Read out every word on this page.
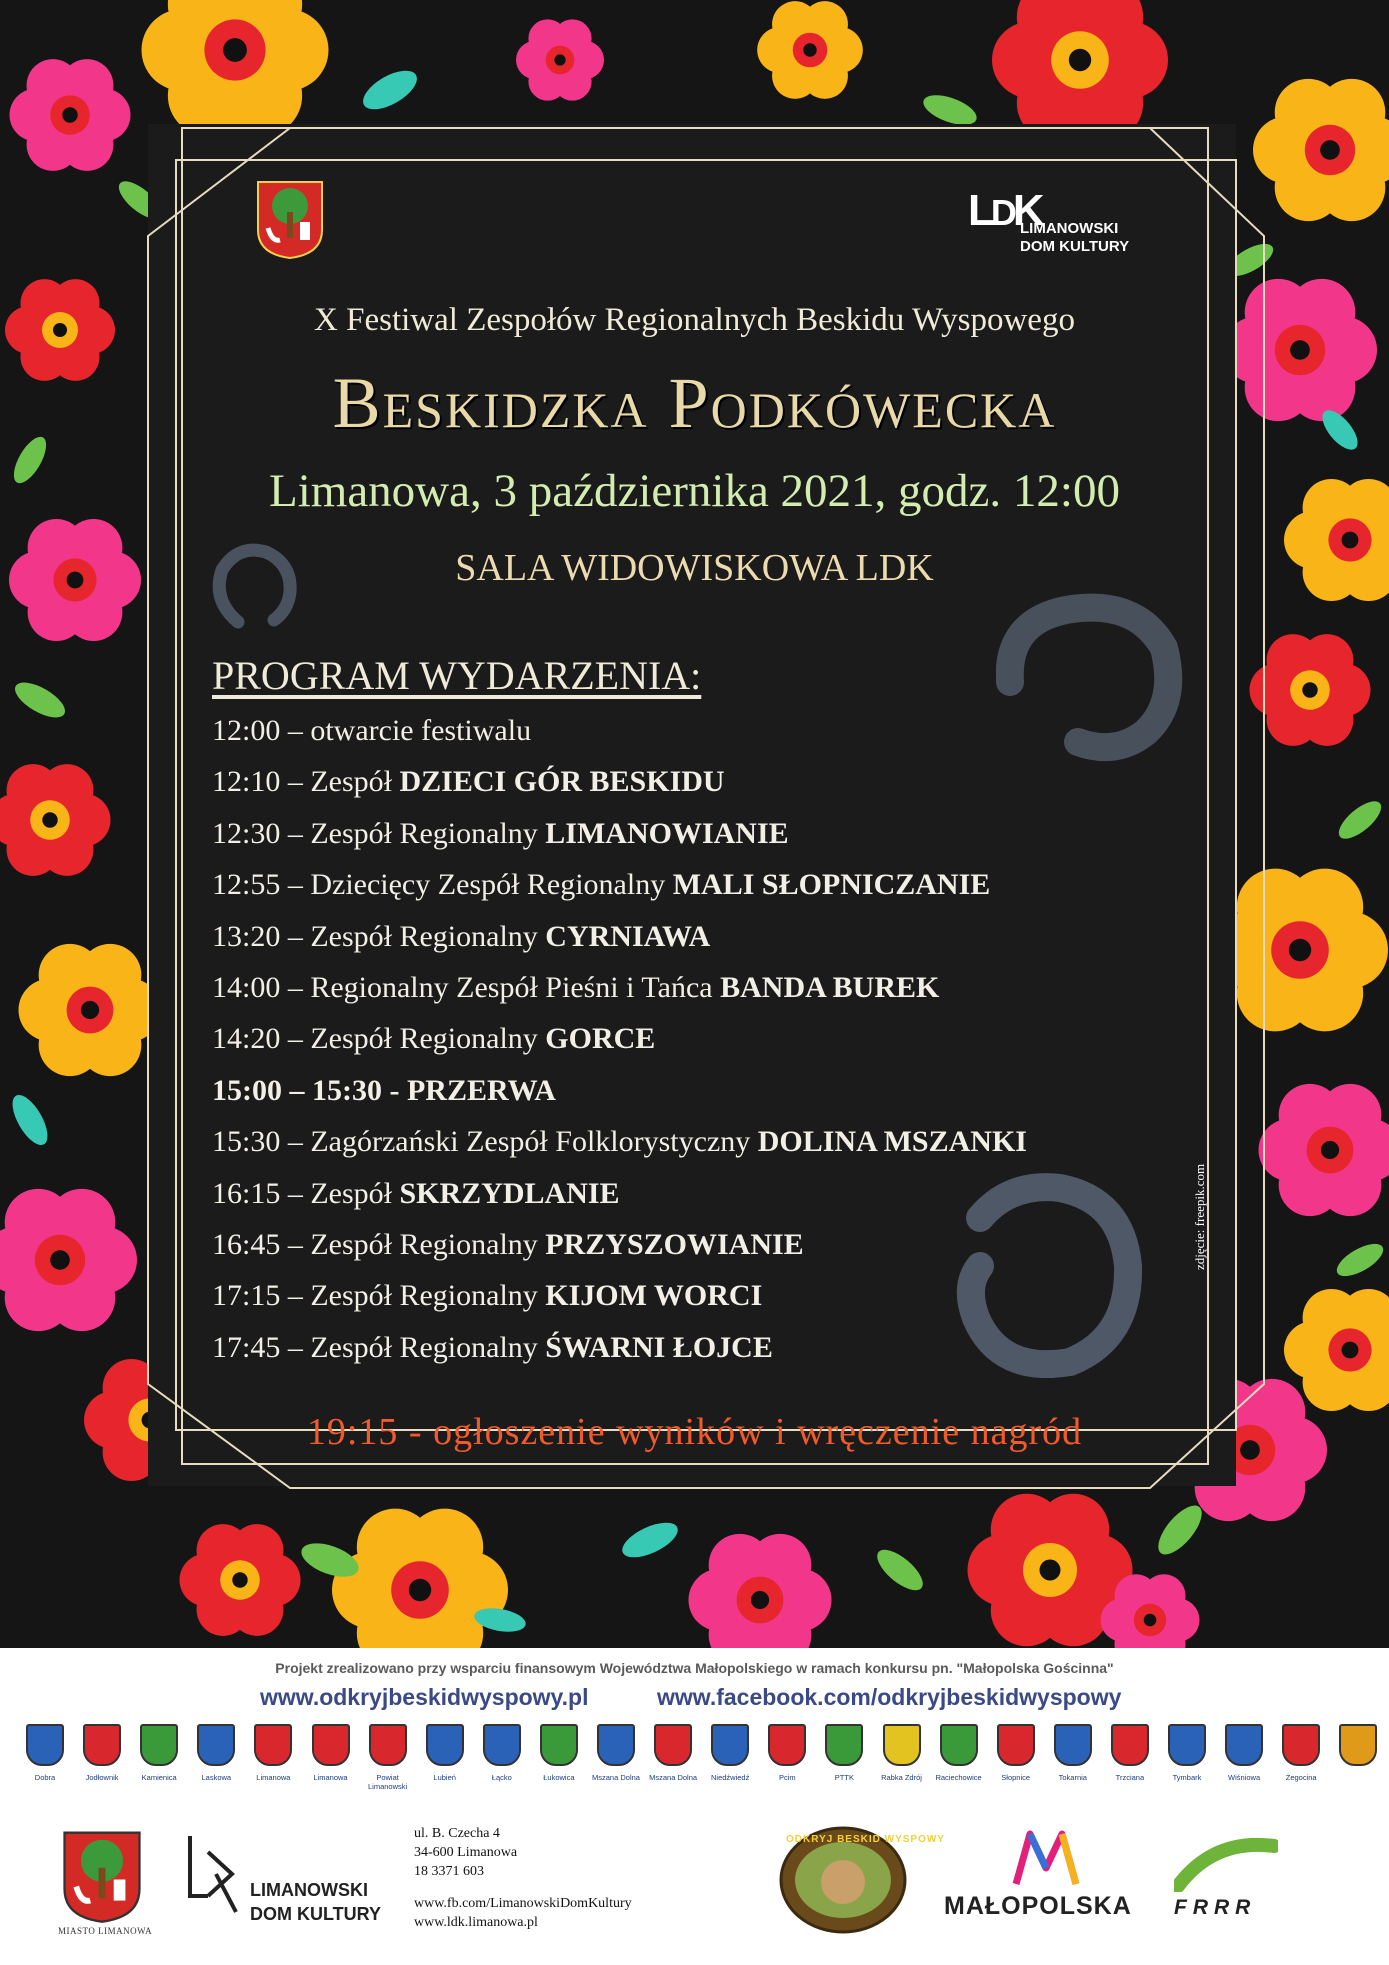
LDK
LIMANOWSKI
DOM KULTURY
X Festiwal Zespołów Regionalnych Beskidu Wyspowego
Beskidzka Podkówecka
Limanowa, 3 października 2021, godz. 12:00
SALA WIDOWISKOWA LDK
PROGRAM WYDARZENIA:
12:00 – otwarcie festiwalu
12:10 – Zespół DZIECI GÓR BESKIDU
12:30 – Zespół Regionalny LIMANOWIANIE
12:55 – Dziecięcy Zespół Regionalny MALI SŁOPNICZANIE
13:20 – Zespół Regionalny CYRNIAWA
14:00 – Regionalny Zespół Pieśni i Tańca BANDA BUREK
14:20 – Zespół Regionalny GORCE
15:00 – 15:30 - PRZERWA
15:30 – Zagórzański Zespół Folklorystyczny DOLINA MSZANKI
16:15 – Zespół SKRZYDLANIE
16:45 – Zespół Regionalny PRZYSZOWIANIE
17:15 – Zespół Regionalny KIJOM WORCI
17:45 – Zespół Regionalny ŚWARNI ŁOJCE
zdjęcie: freepik.com
19:15 - ogłoszenie wyników i wręczenie nagród
Projekt zrealizowano przy wsparciu finansowym Województwa Małopolskiego w ramach konkursu pn. "Małopolska Gościnna"
www.odkryjbeskidwyspowy.pl	www.facebook.com/odkryjbeskidwyspowy
Dobra	Jodłownik	Kamienica	Laskowa	Limanowa	Limanowa	Powiat Limanowski
Lubień	Łącko	Łukowica	Mszana Dolna	Mszana Dolna	Niedźwiedź	Pcim	PTTK	Rabka Zdrój	Raciechowice	Słopnice	Tokarnia	Trzciana	Tymbark	Wiśniowa	Żegocina
MIASTO LIMANOWA
LIMANOWSKI
DOM KULTURY
ul. B. Czecha 4
34-600 Limanowa
18 3371 603
www.fb.com/LimanowskiDomKultury
www.ldk.limanowa.pl
ODKRYJ BESKID WYSPOWY
MAŁOPOLSKA FRRR
